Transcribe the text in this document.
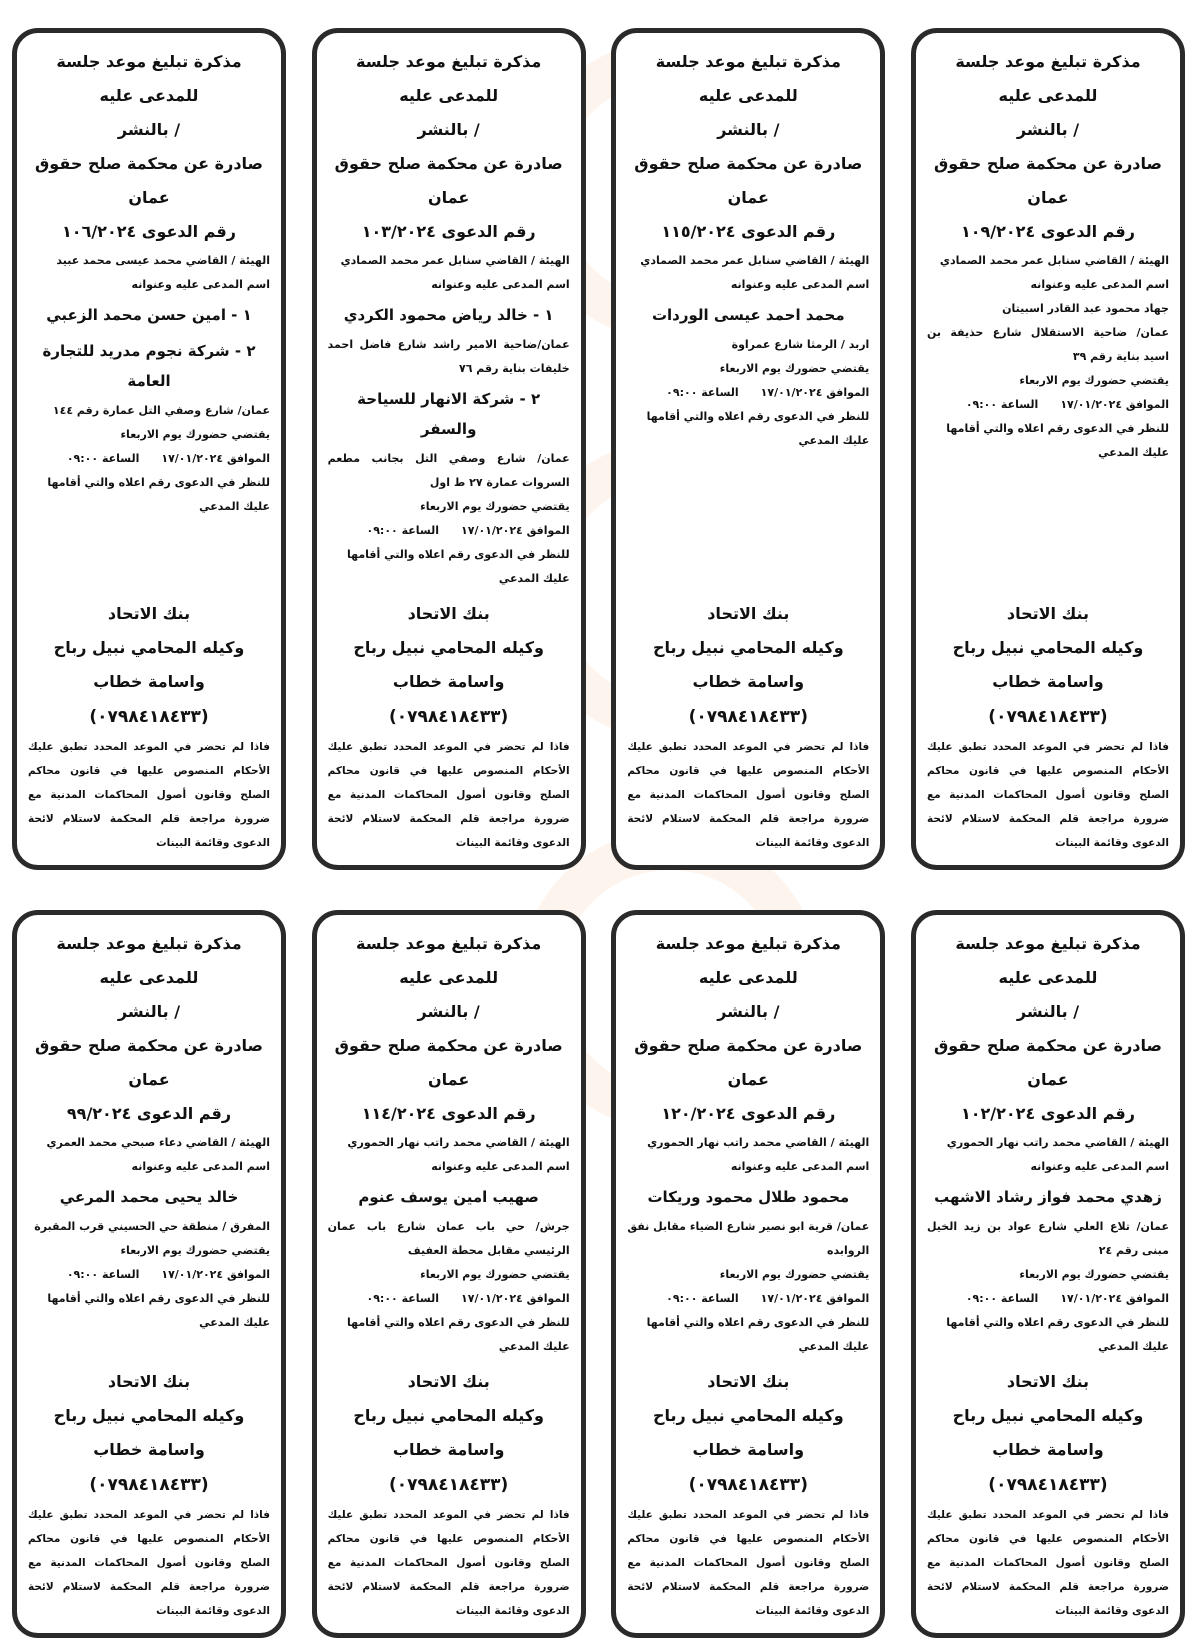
مذكرة تبليغ موعد جلسة للمدعى عليه
/ بالنشر
صادرة عن محكمة صلح حقوق عمان
رقم الدعوى ١٠٩/٢٠٢٤
الهيئة / القاضي سنابل عمر محمد الصمادي
اسم المدعى عليه وعنوانه
جهاد محمود عبد القادر اسبيتان
عمان/ ضاحية الاستقلال شارع حذيفة بن اسيد بناية رقم ٣٩
يقتضي حضورك يوم الاربعاء
الموافق ١٧/٠١/٢٠٢٤
الساعة ٠٩:٠٠
للنظر في الدعوى رقم اعلاه والتي أقامها عليك المدعي
بنك الاتحاد
وكيله المحامي نبيل رباح واسامة خطاب
(٠٧٩٨٤١٨٤٣٣)
فاذا لم تحضر في الموعد المحدد تطبق عليك الأحكام المنصوص عليها في قانون محاكم الصلح وقانون أصول المحاكمات المدنية مع ضرورة مراجعة قلم المحكمة لاستلام لائحة الدعوى وقائمة البينات
مذكرة تبليغ موعد جلسة للمدعى عليه
/ بالنشر
صادرة عن محكمة صلح حقوق عمان
رقم الدعوى ١١٥/٢٠٢٤
الهيئة / القاضي سنابل عمر محمد الصمادي
اسم المدعى عليه وعنوانه
محمد احمد عيسى الوردات
اربد / الرمثا شارع عمراوة
يقتضي حضورك يوم الاربعاء
الموافق ١٧/٠١/٢٠٢٤
الساعة ٠٩:٠٠
للنظر في الدعوى رقم اعلاه والتي أقامها عليك المدعي
بنك الاتحاد
وكيله المحامي نبيل رباح واسامة خطاب
(٠٧٩٨٤١٨٤٣٣)
فاذا لم تحضر في الموعد المحدد تطبق عليك الأحكام المنصوص عليها في قانون محاكم الصلح وقانون أصول المحاكمات المدنية مع ضرورة مراجعة قلم المحكمة لاستلام لائحة الدعوى وقائمة البينات
مذكرة تبليغ موعد جلسة للمدعى عليه
/ بالنشر
صادرة عن محكمة صلح حقوق عمان
رقم الدعوى ١٠٣/٢٠٢٤
الهيئة / القاضي سنابل عمر محمد الصمادي
اسم المدعى عليه وعنوانه
١ - خالد رياض محمود الكردي
عمان/ضاحية الامير راشد شارع فاضل احمد خليفات بناية رقم ٧٦
٢ - شركة الانهار للسياحة والسفر
عمان/ شارع وصفي التل بجانب مطعم السروات عمارة ٢٧ ط اول
يقتضي حضورك يوم الاربعاء
الموافق ١٧/٠١/٢٠٢٤
الساعة ٠٩:٠٠
للنظر في الدعوى رقم اعلاه والتي أقامها عليك المدعي
بنك الاتحاد
وكيله المحامي نبيل رباح واسامة خطاب
(٠٧٩٨٤١٨٤٣٣)
فاذا لم تحضر في الموعد المحدد تطبق عليك الأحكام المنصوص عليها في قانون محاكم الصلح وقانون أصول المحاكمات المدنية مع ضرورة مراجعة قلم المحكمة لاستلام لائحة الدعوى وقائمة البينات
مذكرة تبليغ موعد جلسة للمدعى عليه
/ بالنشر
صادرة عن محكمة صلح حقوق عمان
رقم الدعوى ١٠٦/٢٠٢٤
الهيئة / القاضي محمد عيسى محمد عبيد
اسم المدعى عليه وعنوانه
١ - امين حسن محمد الزعبي
٢ - شركة نجوم مدريد للتجارة العامة
عمان/ شارع وصفي التل عمارة رقم ١٤٤
يقتضي حضورك يوم الاربعاء
الموافق ١٧/٠١/٢٠٢٤
الساعة ٠٩:٠٠
للنظر في الدعوى رقم اعلاه والتي أقامها عليك المدعي
بنك الاتحاد
وكيله المحامي نبيل رباح واسامة خطاب
(٠٧٩٨٤١٨٤٣٣)
فاذا لم تحضر في الموعد المحدد تطبق عليك الأحكام المنصوص عليها في قانون محاكم الصلح وقانون أصول المحاكمات المدنية مع ضرورة مراجعة قلم المحكمة لاستلام لائحة الدعوى وقائمة البينات
مذكرة تبليغ موعد جلسة للمدعى عليه
/ بالنشر
صادرة عن محكمة صلح حقوق عمان
رقم الدعوى ١٠٢/٢٠٢٤
الهيئة / القاضي محمد راتب نهار الحموري
اسم المدعى عليه وعنوانه
زهدي محمد فواز رشاد الاشهب
عمان/ تلاع العلي شارع عواد بن زيد الخيل مبنى رقم ٢٤
يقتضي حضورك يوم الاربعاء
الموافق ١٧/٠١/٢٠٢٤
الساعة ٠٩:٠٠
للنظر في الدعوى رقم اعلاه والتي أقامها عليك المدعي
بنك الاتحاد
وكيله المحامي نبيل رباح واسامة خطاب
(٠٧٩٨٤١٨٤٣٣)
فاذا لم تحضر في الموعد المحدد تطبق عليك الأحكام المنصوص عليها في قانون محاكم الصلح وقانون أصول المحاكمات المدنية مع ضرورة مراجعة قلم المحكمة لاستلام لائحة الدعوى وقائمة البينات
مذكرة تبليغ موعد جلسة للمدعى عليه
/ بالنشر
صادرة عن محكمة صلح حقوق عمان
رقم الدعوى ١٢٠/٢٠٢٤
الهيئة / القاضي محمد راتب نهار الحموري
اسم المدعى عليه وعنوانه
محمود طلال محمود وريكات
عمان/ قرية ابو نصير شارع الضياء مقابل نفق الروابده
يقتضي حضورك يوم الاربعاء
الموافق ١٧/٠١/٢٠٢٤
الساعة ٠٩:٠٠
للنظر في الدعوى رقم اعلاه والتي أقامها عليك المدعي
بنك الاتحاد
وكيله المحامي نبيل رباح واسامة خطاب
(٠٧٩٨٤١٨٤٣٣)
فاذا لم تحضر في الموعد المحدد تطبق عليك الأحكام المنصوص عليها في قانون محاكم الصلح وقانون أصول المحاكمات المدنية مع ضرورة مراجعة قلم المحكمة لاستلام لائحة الدعوى وقائمة البينات
مذكرة تبليغ موعد جلسة للمدعى عليه
/ بالنشر
صادرة عن محكمة صلح حقوق عمان
رقم الدعوى ١١٤/٢٠٢٤
الهيئة / القاضي محمد راتب نهار الحموري
اسم المدعى عليه وعنوانه
صهيب امين يوسف عنوم
جرش/ حي باب عمان شارع باب عمان الرئيسي مقابل محطة العفيف
يقتضي حضورك يوم الاربعاء
الموافق ١٧/٠١/٢٠٢٤
الساعة ٠٩:٠٠
للنظر في الدعوى رقم اعلاه والتي أقامها عليك المدعي
بنك الاتحاد
وكيله المحامي نبيل رباح واسامة خطاب
(٠٧٩٨٤١٨٤٣٣)
فاذا لم تحضر في الموعد المحدد تطبق عليك الأحكام المنصوص عليها في قانون محاكم الصلح وقانون أصول المحاكمات المدنية مع ضرورة مراجعة قلم المحكمة لاستلام لائحة الدعوى وقائمة البينات
مذكرة تبليغ موعد جلسة للمدعى عليه
/ بالنشر
صادرة عن محكمة صلح حقوق عمان
رقم الدعوى ٩٩/٢٠٢٤
الهيئة / القاضي دعاء صبحي محمد العمري
اسم المدعى عليه وعنوانه
خالد يحيى محمد المرعي
المفرق / منطقة حي الحسيني قرب المقبرة
يقتضي حضورك يوم الاربعاء
الموافق ١٧/٠١/٢٠٢٤
الساعة ٠٩:٠٠
للنظر في الدعوى رقم اعلاه والتي أقامها عليك المدعي
بنك الاتحاد
وكيله المحامي نبيل رباح واسامة خطاب
(٠٧٩٨٤١٨٤٣٣)
فاذا لم تحضر في الموعد المحدد تطبق عليك الأحكام المنصوص عليها في قانون محاكم الصلح وقانون أصول المحاكمات المدنية مع ضرورة مراجعة قلم المحكمة لاستلام لائحة الدعوى وقائمة البينات
